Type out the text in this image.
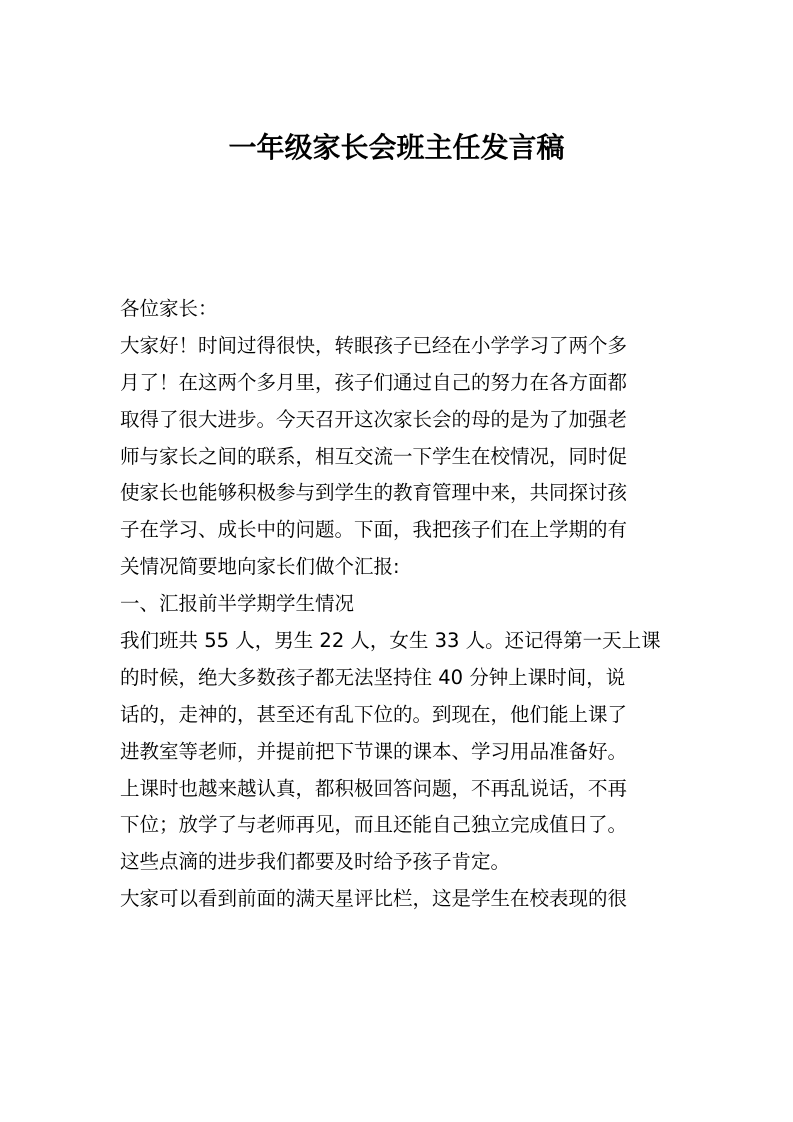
一年级家长会班主任发言稿
各位家长：
大家好！时间过得很快，转眼孩子已经在小学学习了两个多
月了！在这两个多月里，孩子们通过自己的努力在各方面都
取得了很大进步。今天召开这次家长会的母的是为了加强老
师与家长之间的联系，相互交流一下学生在校情况，同时促
使家长也能够积极参与到学生的教育管理中来，共同探讨孩
子在学习、成长中的问题。下面，我把孩子们在上学期的有
关情况简要地向家长们做个汇报:
一、汇报前半学期学生情况
我们班共 55 人，男生 22 人，女生 33 人。还记得第一天上课
的时候，绝大多数孩子都无法坚持住 40 分钟上课时间，说
话的，走神的，甚至还有乱下位的。到现在，他们能上课了
进教室等老师，并提前把下节课的课本、学习用品准备好。
上课时也越来越认真，都积极回答问题，不再乱说话，不再
下位；放学了与老师再见，而且还能自己独立完成值日了。
这些点滴的进步我们都要及时给予孩子肯定。
大家可以看到前面的满天星评比栏，这是学生在校表现的很
